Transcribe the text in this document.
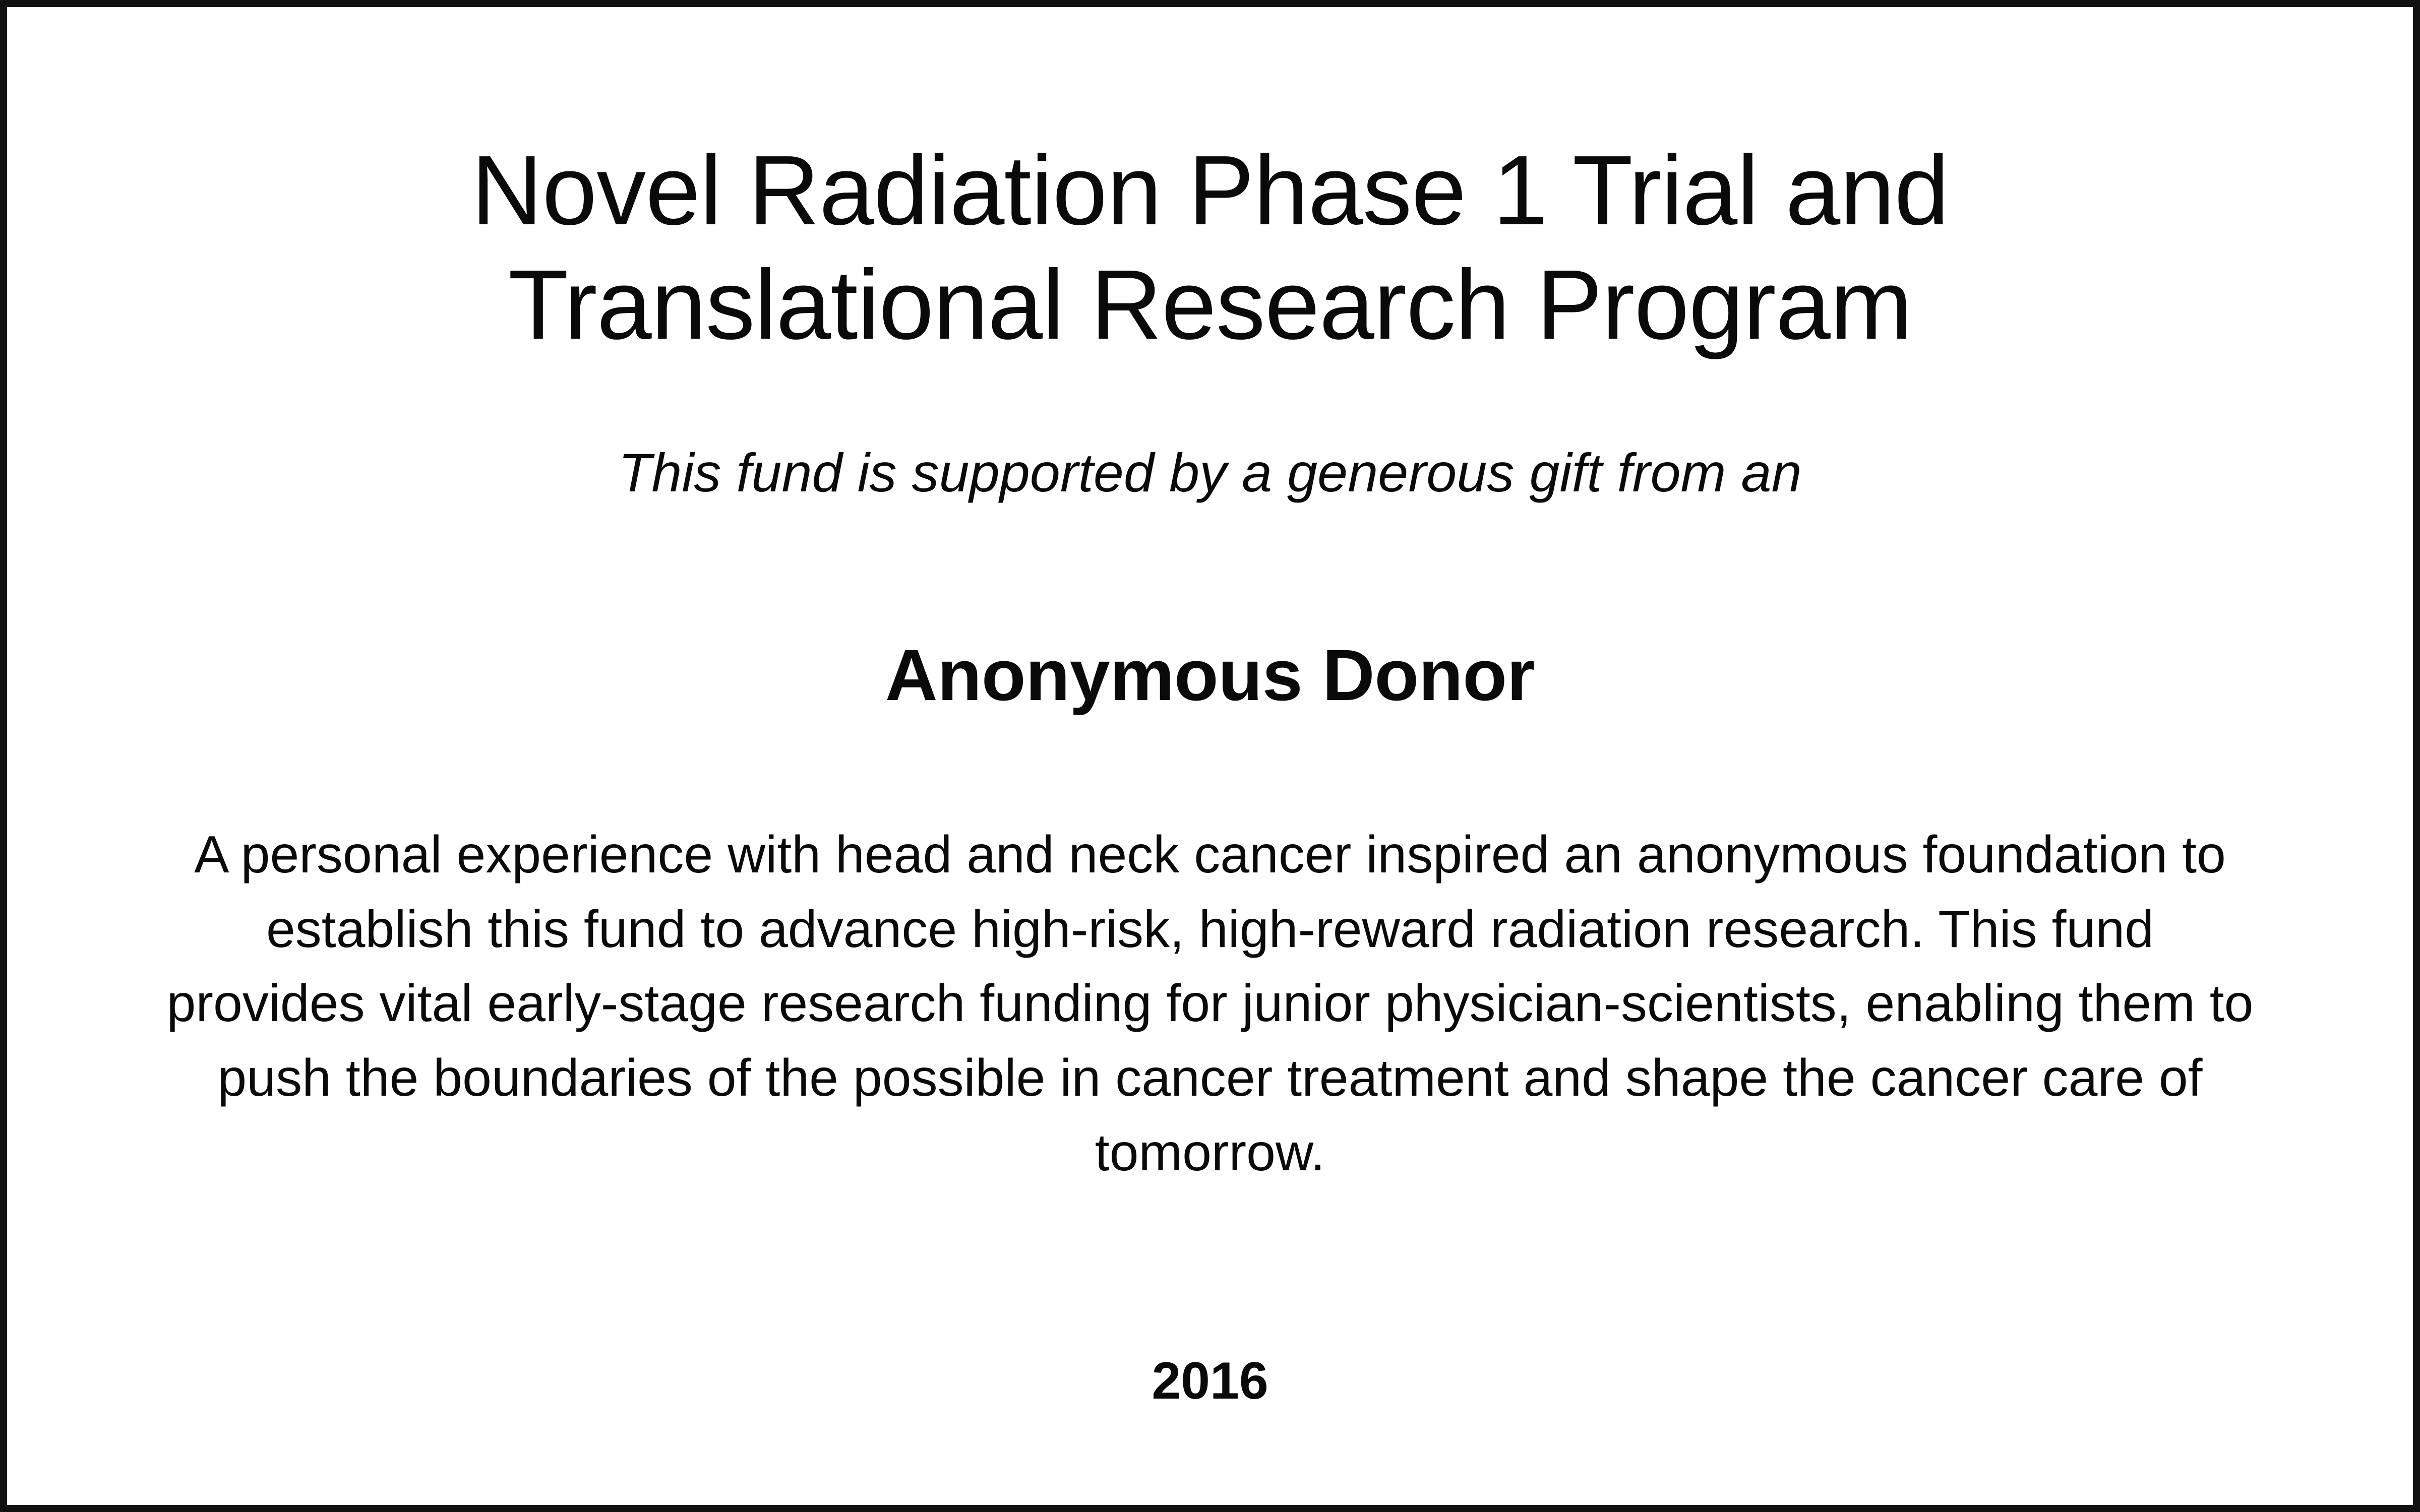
Novel Radiation Phase 1 Trial and Translational Research Program
This fund is supported by a generous gift from an
Anonymous Donor
A personal experience with head and neck cancer inspired an anonymous foundation to establish this fund to advance high-risk, high-reward radiation research. This fund provides vital early-stage research funding for junior physician-scientists, enabling them to push the boundaries of the possible in cancer treatment and shape the cancer care of tomorrow.
2016
